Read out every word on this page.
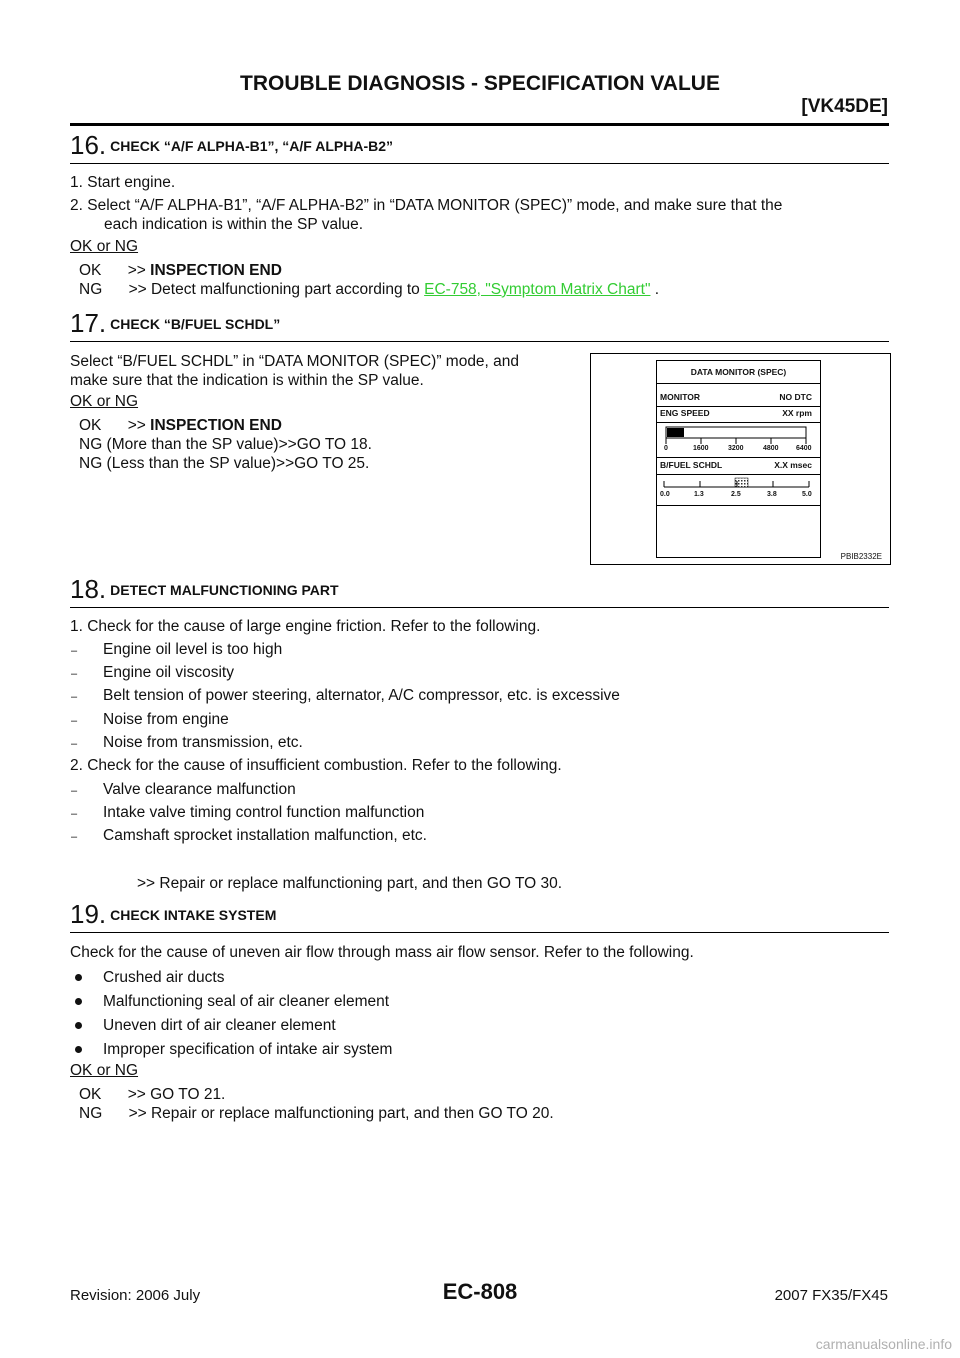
TROUBLE DIAGNOSIS - SPECIFICATION VALUE
[VK45DE]
16. CHECK “A/F ALPHA-B1”, “A/F ALPHA-B2”
1. Start engine.
2. Select “A/F ALPHA-B1”, “A/F ALPHA-B2” in “DATA MONITOR (SPEC)” mode, and make sure that the
each indication is within the SP value.
OK or NG
OK >> INSPECTION END
NG >> Detect malfunctioning part according to EC-758, "Symptom Matrix Chart" .
17. CHECK “B/FUEL SCHDL”
Select “B/FUEL SCHDL” in “DATA MONITOR (SPEC)” mode, and
make sure that the indication is within the SP value.
OK or NG
OK >> INSPECTION END
NG (More than the SP value)>>GO TO 18.
NG (Less than the SP value)>>GO TO 25.
DATA MONITOR (SPEC)
MONITOR	NO DTC
ENG SPEED	XX rpm
0	1600	3200	4800 6400
B/FUEL SCHDL	X.X msec
0.0	1.3	2.5	3.8	5.0
PBIB2332E
18. DETECT MALFUNCTIONING PART
1. Check for the cause of large engine friction. Refer to the following.
– Engine oil level is too high
– Engine oil viscosity
– Belt tension of power steering, alternator, A/C compressor, etc. is excessive
– Noise from engine
– Noise from transmission, etc.
2. Check for the cause of insufficient combustion. Refer to the following.
– Valve clearance malfunction
– Intake valve timing control function malfunction
– Camshaft sprocket installation malfunction, etc.
>> Repair or replace malfunctioning part, and then GO TO 30.
19. CHECK INTAKE SYSTEM
Check for the cause of uneven air flow through mass air flow sensor. Refer to the following.
Crushed air ducts
Malfunctioning seal of air cleaner element
Uneven dirt of air cleaner element
Improper specification of intake air system
OK or NG
OK >> GO TO 21.
NG >> Repair or replace malfunctioning part, and then GO TO 20.
Revision: 2006 July	EC-808	2007 FX35/FX45
carmanualsonline.info
